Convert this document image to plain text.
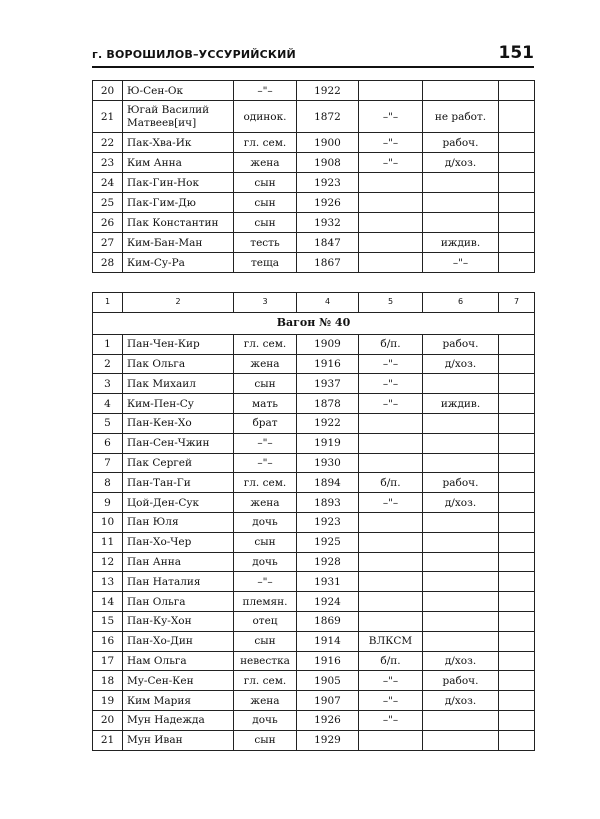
г. ВОРОШИЛОВ–УССУРИЙСКИЙ	151
20	Ю-Сен-Ок	–"–	1922			
21	Югай Василий Матвеев[ич]	одинок.	1872	–"–	не работ.	
22	Пак-Хва-Ик	гл. сем.	1900	–"–	рабоч.	
23	Ким Анна	жена	1908	–"–	д/хоз.	
24	Пак-Гин-Нок	сын	1923			
25	Пак-Гим-Дю	сын	1926			
26	Пак Константин	сын	1932			
27	Ким-Бан-Ман	тесть	1847		иждив.	
28	Ким-Су-Ра	теща	1867		–"–	
1	2	3	4	5	6	7
Вагон № 40						
1	Пан-Чен-Кир	гл. сем.	1909	б/п.	рабоч.	
2	Пак Ольга	жена	1916	–"–	д/хоз.	
3	Пак Михаил	сын	1937	–"–		
4	Ким-Пен-Су	мать	1878	–"–	иждив.	
5	Пан-Кен-Хо	брат	1922			
6	Пан-Сен-Чжин	–"–	1919			
7	Пак Сергей	–"–	1930			
8	Пан-Тан-Ги	гл. сем.	1894	б/п.	рабоч.	
9	Цой-Ден-Сук	жена	1893	–"–	д/хоз.	
10	Пан Юля	дочь	1923			
11	Пан-Хо-Чер	сын	1925			
12	Пан Анна	дочь	1928			
13	Пан Наталия	–"–	1931			
14	Пан Ольга	племян.	1924			
15	Пан-Ку-Хон	отец	1869			
16	Пан-Хо-Дин	сын	1914	ВЛКСМ		
17	Нам Ольга	невестка	1916	б/п.	д/хоз.	
18	Му-Сен-Кен	гл. сем.	1905	–"–	рабоч.	
19	Ким Мария	жена	1907	–"–	д/хоз.	
20	Мун Надежда	дочь	1926	–"–		
21	Мун Иван	сын	1929			
